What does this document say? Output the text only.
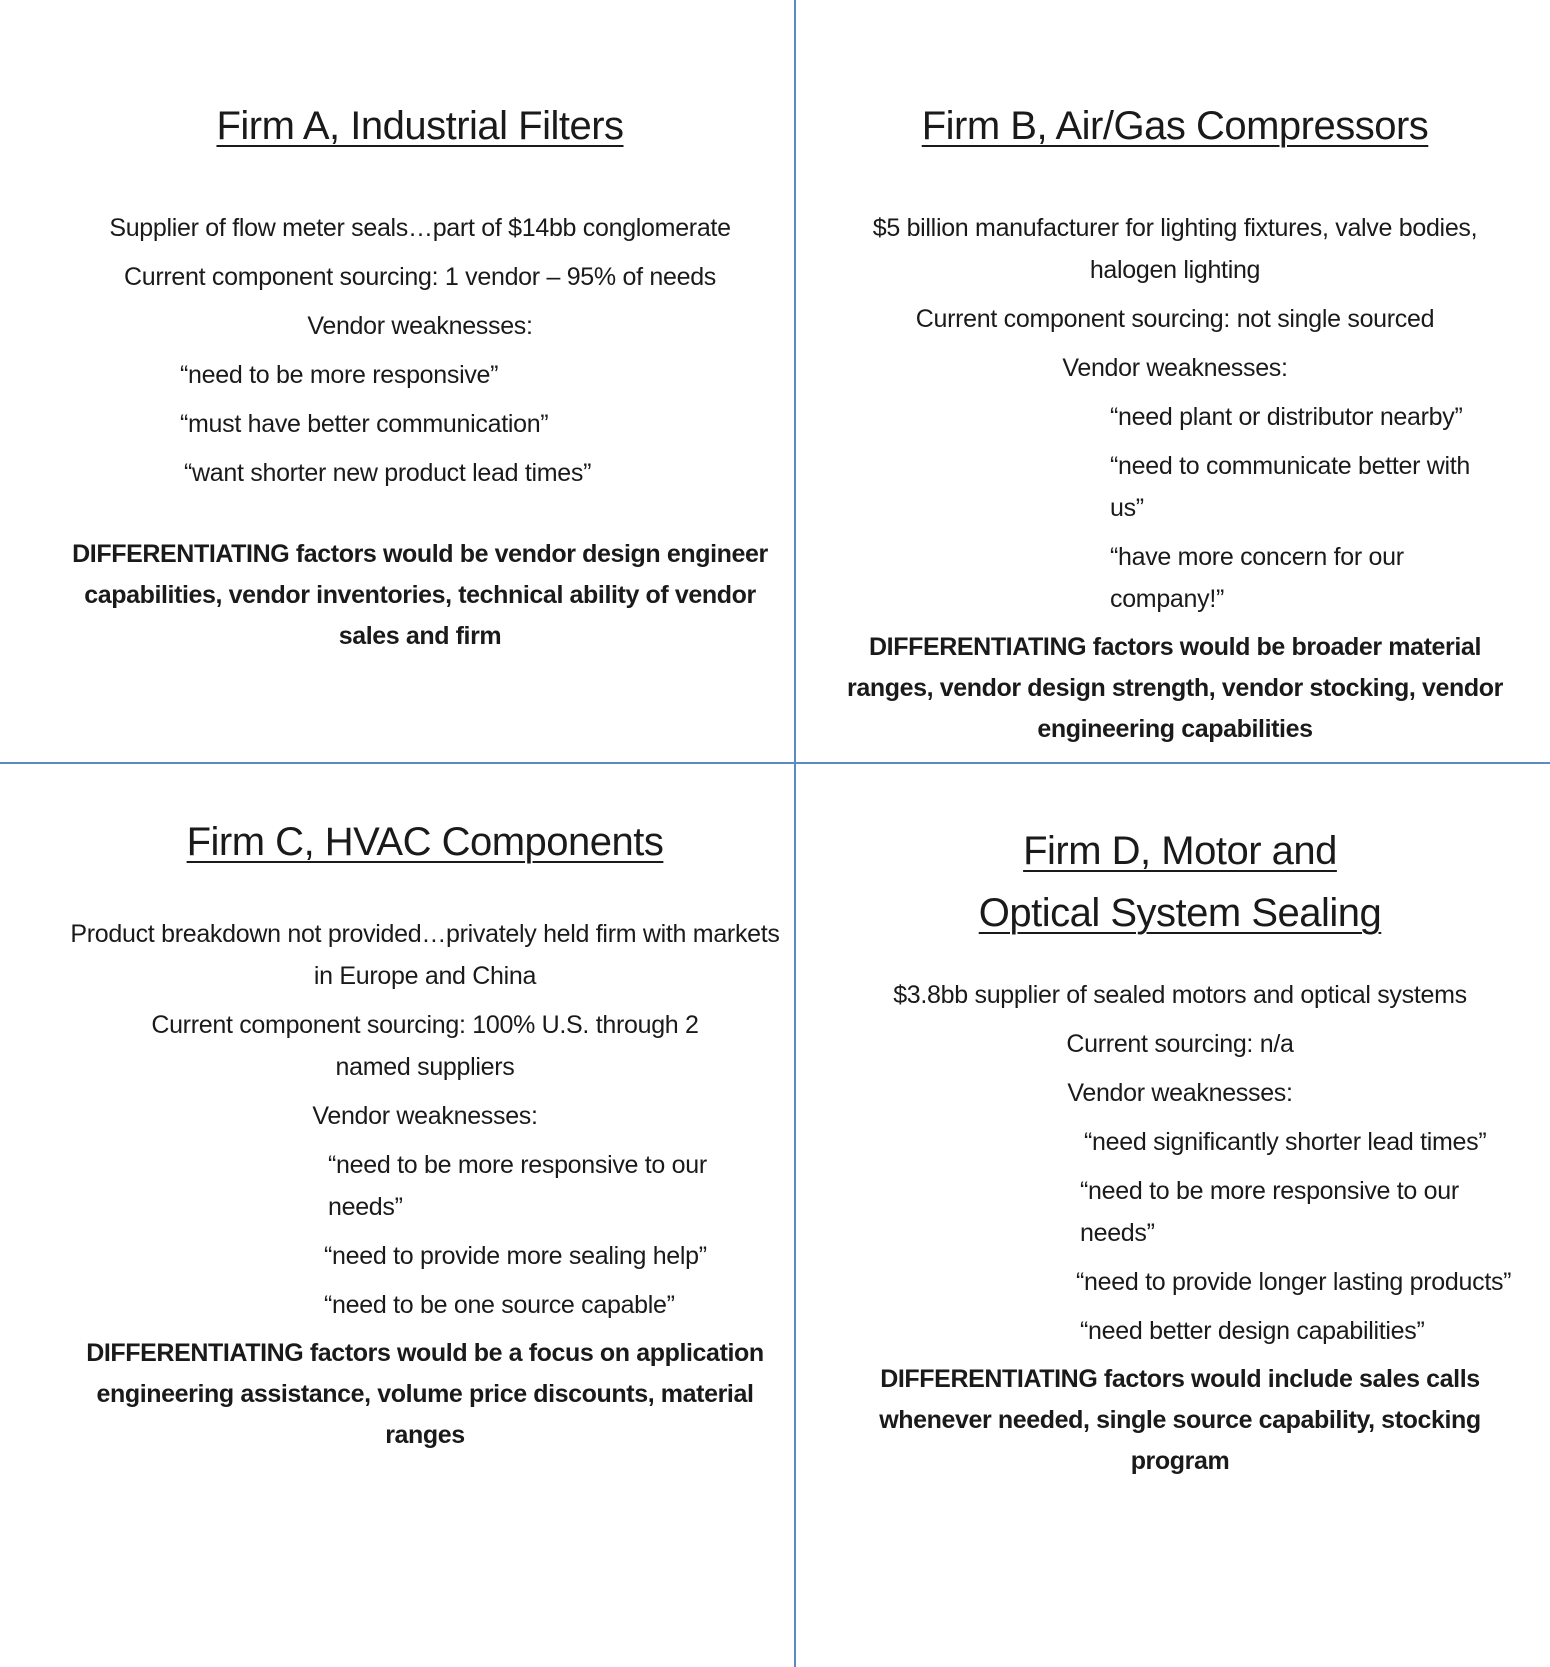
Firm A, Industrial Filters

Supplier of flow meter seals…part of $14bb conglomerate

Current component sourcing: 1 vendor – 95% of needs

Vendor weaknesses:

“need to be more responsive”

“must have better communication”

“want shorter new product lead times”

DIFFERENTIATING factors would be vendor design engineer capabilities, vendor inventories, technical ability of vendor sales and firm

Firm B, Air/Gas Compressors

$5 billion manufacturer for lighting fixtures, valve bodies, halogen lighting

Current component sourcing: not single sourced

Vendor weaknesses:

“need plant or distributor nearby”

“need to communicate better with us”

“have more concern for our company!”

DIFFERENTIATING factors would be broader material ranges, vendor design strength, vendor stocking, vendor engineering capabilities

Firm C, HVAC Components

Product breakdown not provided…privately held firm with markets in Europe and China

Current component sourcing: 100% U.S. through 2 named suppliers

Vendor weaknesses:

“need to be more responsive to our needs”

“need to provide more sealing help”

“need to be one source capable”

DIFFERENTIATING factors would be a focus on application engineering assistance, volume price discounts, material ranges

Firm D, Motor and
Optical System Sealing

$3.8bb supplier of sealed motors and optical systems

Current sourcing: n/a

Vendor weaknesses:

“need significantly shorter lead times”

“need to be more responsive to our needs”

“need to provide longer lasting products”

“need better design capabilities”

DIFFERENTIATING factors would include sales calls whenever needed, single source capability, stocking program
